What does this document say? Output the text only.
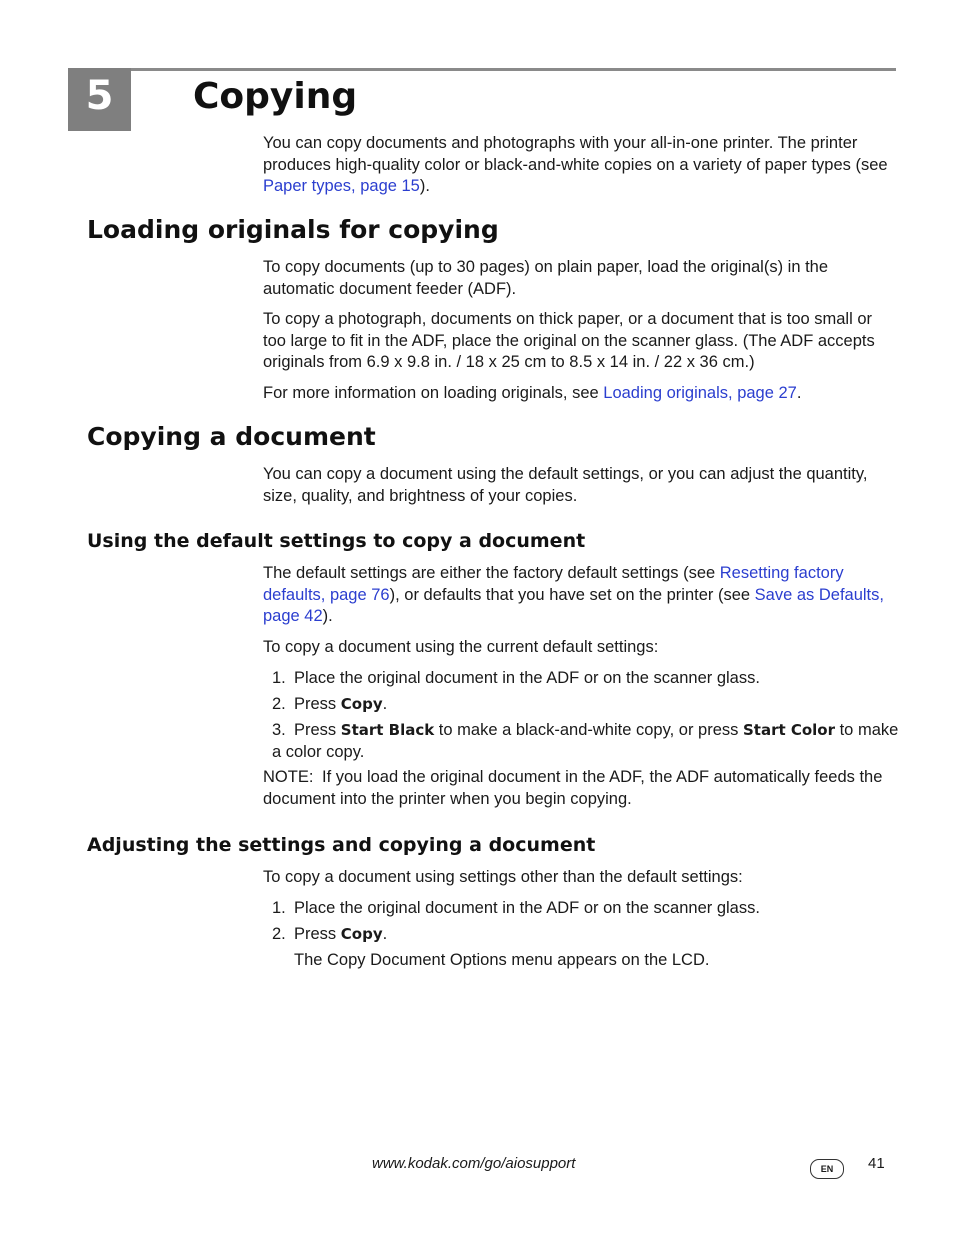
5	Copying

You can copy documents and photographs with your all-in-one printer. The printer produces high-quality color or black-and-white copies on a variety of paper types (see Paper types, page 15).

Loading originals for copying

To copy documents (up to 30 pages) on plain paper, load the original(s) in the automatic document feeder (ADF).

To copy a photograph, documents on thick paper, or a document that is too small or too large to fit in the ADF, place the original on the scanner glass. (The ADF accepts originals from 6.9 x 9.8 in. / 18 x 25 cm to 8.5 x 14 in. / 22 x 36 cm.)

For more information on loading originals, see Loading originals, page 27.

Copying a document

You can copy a document using the default settings, or you can adjust the quantity, size, quality, and brightness of your copies.

Using the default settings to copy a document

The default settings are either the factory default settings (see Resetting factory defaults, page 76), or defaults that you have set on the printer (see Save as Defaults, page 42).

To copy a document using the current default settings:

1. Place the original document in the ADF or on the scanner glass.

2. Press Copy.

3. Press Start Black to make a black-and-white copy, or press Start Color to make a color copy.

NOTE: If you load the original document in the ADF, the ADF automatically feeds the document into the printer when you begin copying.

Adjusting the settings and copying a document

To copy a document using settings other than the default settings:

1. Place the original document in the ADF or on the scanner glass.

2. Press Copy.

The Copy Document Options menu appears on the LCD.

www.kodak.com/go/aiosupport	EN	41
